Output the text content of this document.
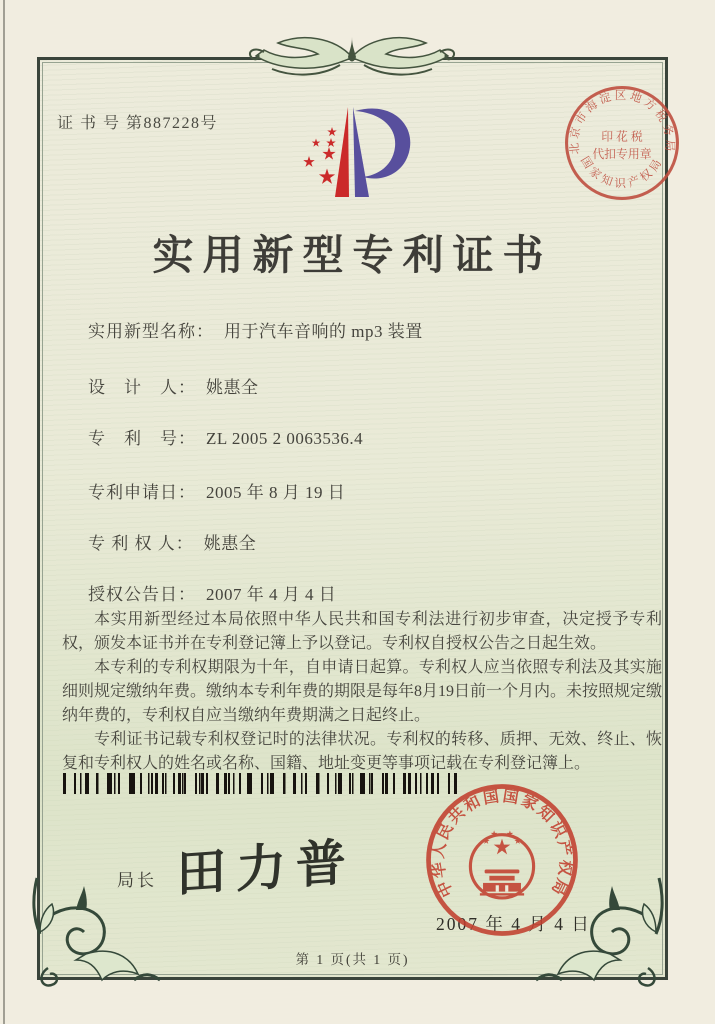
证 书 号 第887228号
北京市海淀区地方税务局
国家知识产权局
印 花 税
代扣专用章
实用新型专利证书
实用新型名称： 用于汽车音响的 mp3 装置
设　计　人： 姚惠全
专　利　号： ZL 2005 2 0063536.4
专利申请日： 2005 年 8 月 19 日
专 利 权 人： 姚惠全
授权公告日： 2007 年 4 月 4 日

本实用新型经过本局依照中华人民共和国专利法进行初步审查，决定授予专利权，颁发本证书并在专利登记簿上予以登记。专利权自授权公告之日起生效。

本专利的专利权期限为十年，自申请日起算。专利权人应当依照专利法及其实施细则规定缴纳年费。缴纳本专利年费的期限是每年8月19日前一个月内。未按照规定缴纳年费的，专利权自应当缴纳年费期满之日起终止。

专利证书记载专利权登记时的法律状况。专利权的转移、质押、无效、终止、恢复和专利权人的姓名或名称、国籍、地址变更等事项记载在专利登记簿上。

局长 田力普
2007 年 4 月 4 日
中华人民共和国国家知识产权局
第 1 页(共 1 页)
